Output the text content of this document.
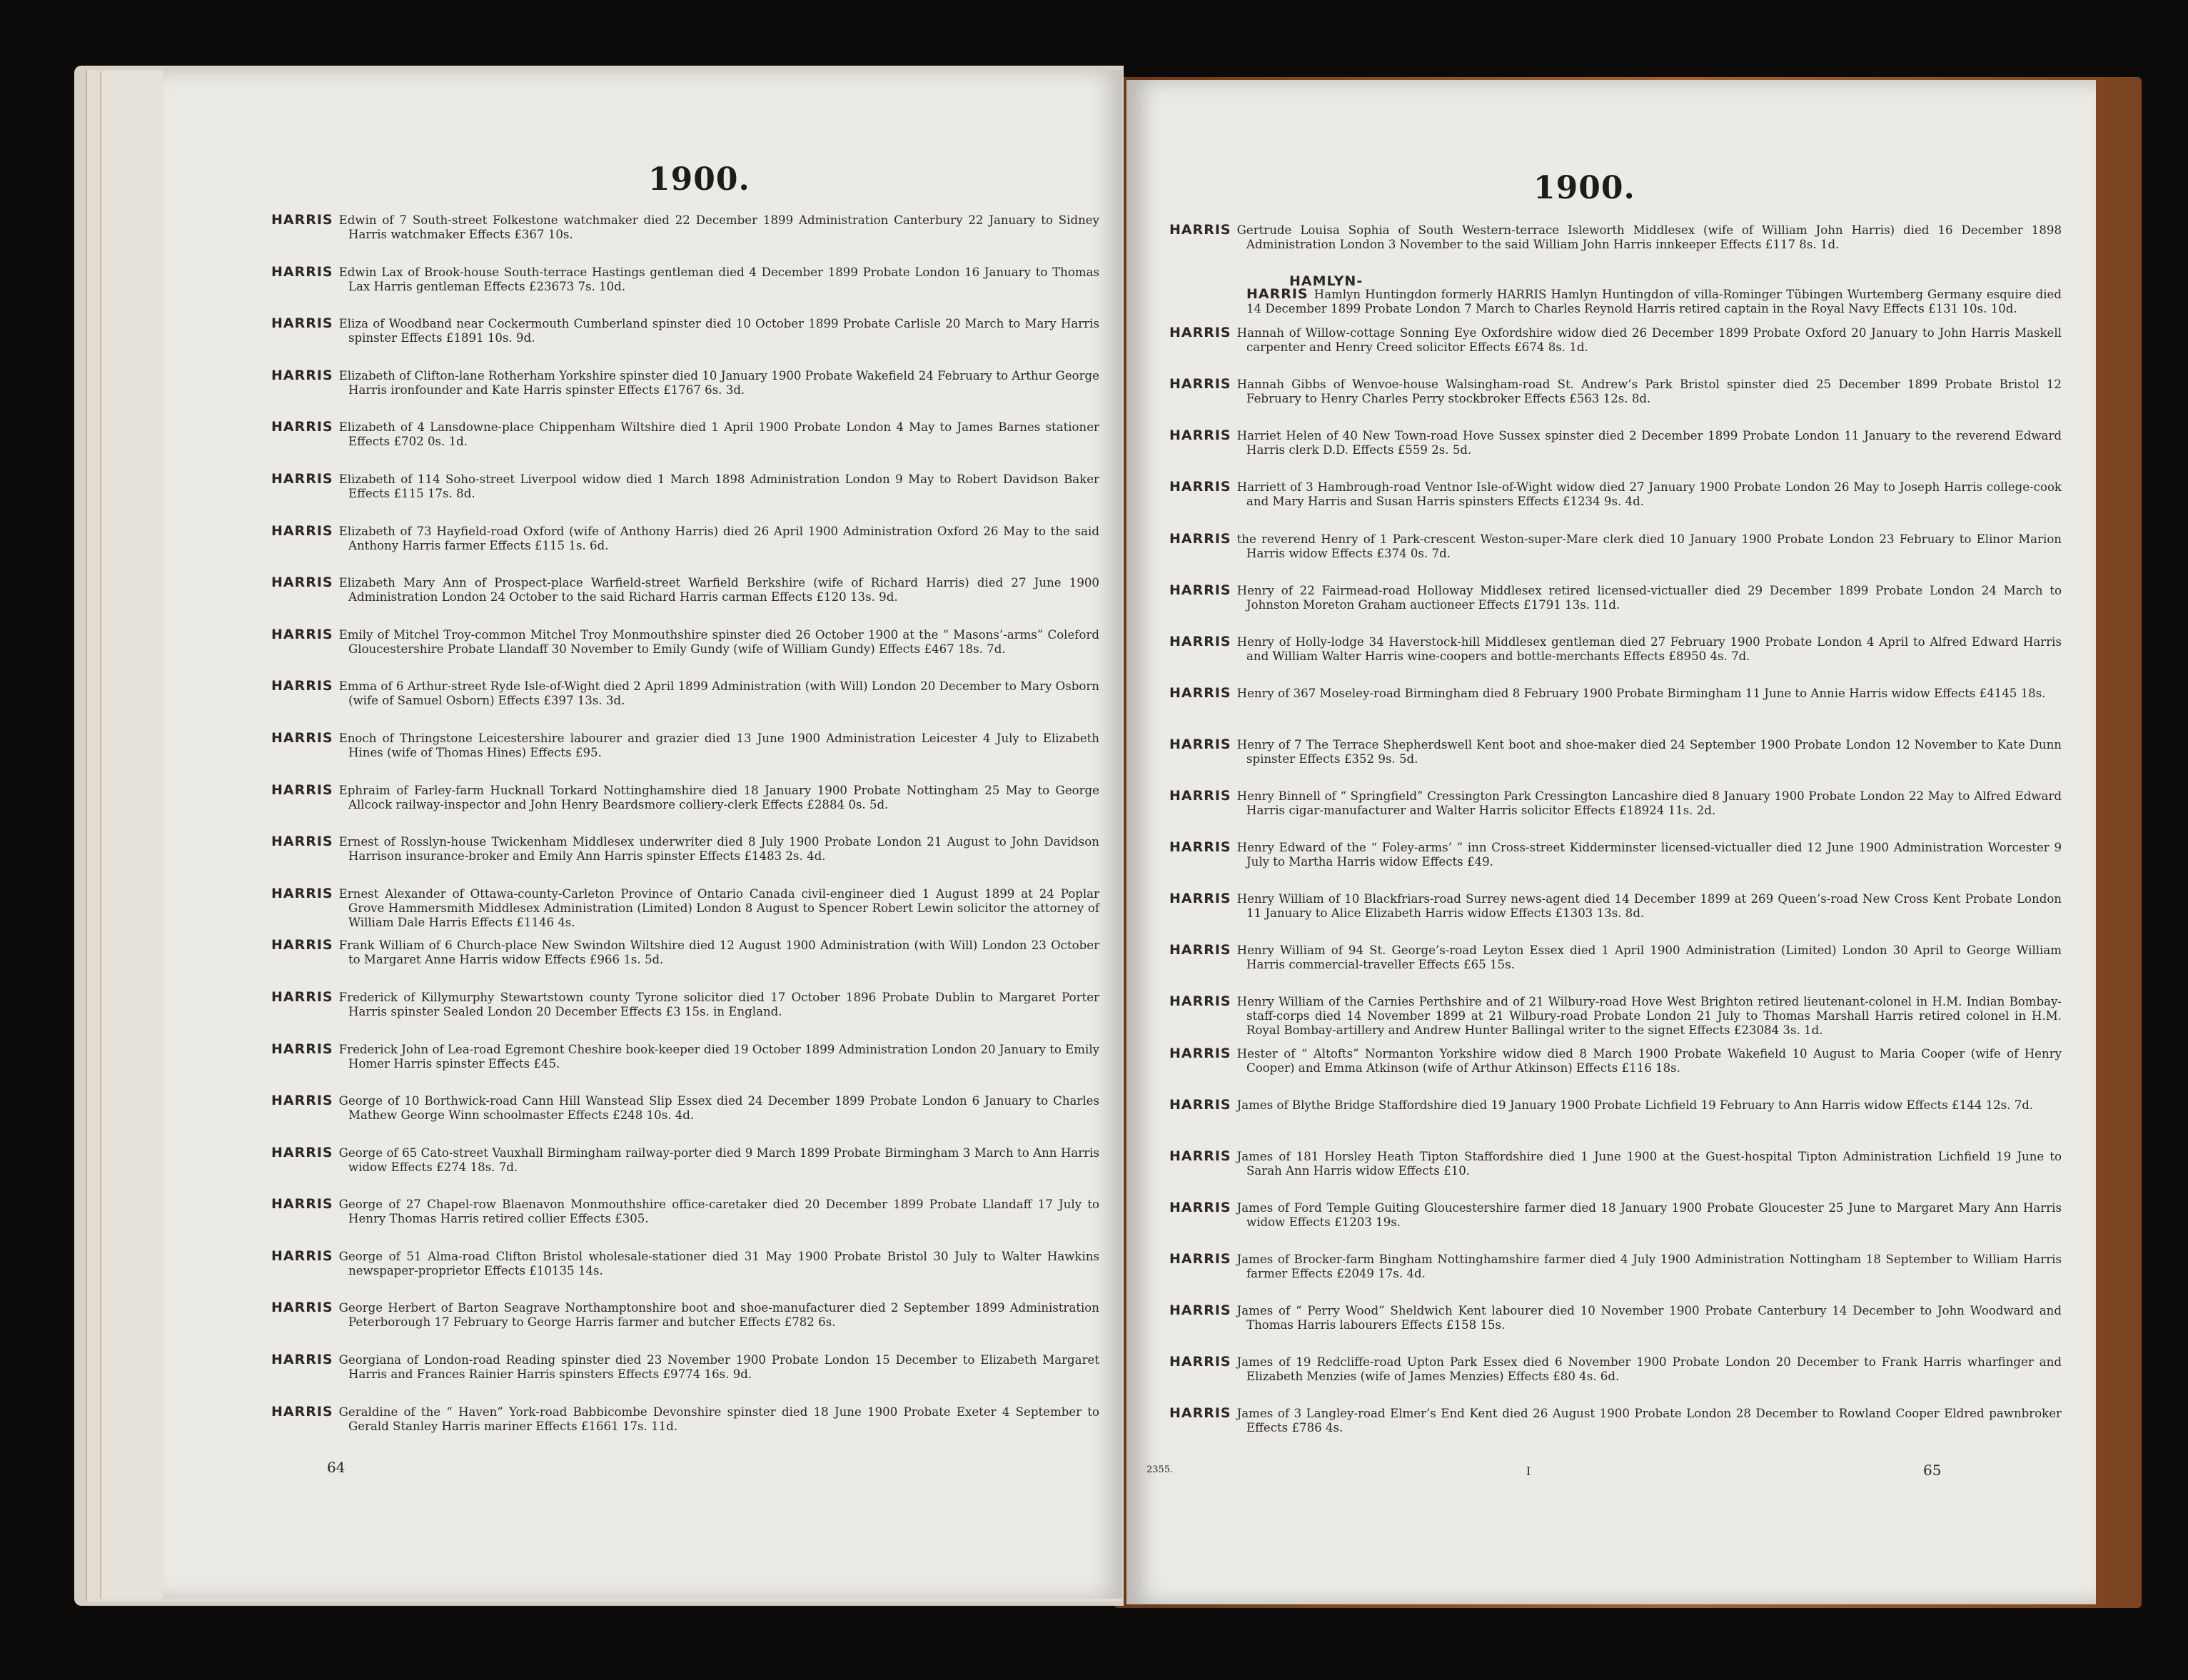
1900.
HARRIS Edwin of 7 South-street Folkestone watchmaker died 22 December 1899 Administration Canterbury 22 January to Sidney Harris watchmaker Effects £367 10s.
HARRIS Edwin Lax of Brook-house South-terrace Hastings gentleman died 4 December 1899 Probate London 16 January to Thomas Lax Harris gentleman Effects £23673 7s. 10d.
HARRIS Eliza of Woodband near Cockermouth Cumberland spinster died 10 October 1899 Probate Carlisle 20 March to Mary Harris spinster Effects £1891 10s. 9d.
HARRIS Elizabeth of Clifton-lane Rotherham Yorkshire spinster died 10 January 1900 Probate Wakefield 24 February to Arthur George Harris ironfounder and Kate Harris spinster Effects £1767 6s. 3d.
HARRIS Elizabeth of 4 Lansdowne-place Chippenham Wiltshire died 1 April 1900 Probate London 4 May to James Barnes stationer Effects £702 0s. 1d.
HARRIS Elizabeth of 114 Soho-street Liverpool widow died 1 March 1898 Administration London 9 May to Robert Davidson Baker Effects £115 17s. 8d.
HARRIS Elizabeth of 73 Hayfield-road Oxford (wife of Anthony Harris) died 26 April 1900 Administration Oxford 26 May to the said Anthony Harris farmer Effects £115 1s. 6d.
HARRIS Elizabeth Mary Ann of Prospect-place Warfield-street Warfield Berkshire (wife of Richard Harris) died 27 June 1900 Administration London 24 October to the said Richard Harris carman Effects £120 13s. 9d.
HARRIS Emily of Mitchel Troy-common Mitchel Troy Monmouthshire spinster died 26 October 1900 at the “ Masons’-arms” Coleford Gloucestershire Probate Llandaff 30 November to Emily Gundy (wife of William Gundy) Effects £467 18s. 7d.
HARRIS Emma of 6 Arthur-street Ryde Isle-of-Wight died 2 April 1899 Administration (with Will) London 20 December to Mary Osborn (wife of Samuel Osborn) Effects £397 13s. 3d.
HARRIS Enoch of Thringstone Leicestershire labourer and grazier died 13 June 1900 Administration Leicester 4 July to Elizabeth Hines (wife of Thomas Hines) Effects £95.
HARRIS Ephraim of Farley-farm Hucknall Torkard Nottinghamshire died 18 January 1900 Probate Nottingham 25 May to George Allcock railway-inspector and John Henry Beardsmore colliery-clerk Effects £2884 0s. 5d.
HARRIS Ernest of Rosslyn-house Twickenham Middlesex underwriter died 8 July 1900 Probate London 21 August to John Davidson Harrison insurance-broker and Emily Ann Harris spinster Effects £1483 2s. 4d.
HARRIS Ernest Alexander of Ottawa-county-Carleton Province of Ontario Canada civil-engineer died 1 August 1899 at 24 Poplar Grove Hammersmith Middlesex Administration (Limited) London 8 August to Spencer Robert Lewin solicitor the attorney of William Dale Harris Effects £1146 4s.
HARRIS Frank William of 6 Church-place New Swindon Wiltshire died 12 August 1900 Administration (with Will) London 23 October to Margaret Anne Harris widow Effects £966 1s. 5d.
HARRIS Frederick of Killymurphy Stewartstown county Tyrone solicitor died 17 October 1896 Probate Dublin to Margaret Porter Harris spinster Sealed London 20 December Effects £3 15s. in England.
HARRIS Frederick John of Lea-road Egremont Cheshire book-keeper died 19 October 1899 Administration London 20 January to Emily Homer Harris spinster Effects £45.
HARRIS George of 10 Borthwick-road Cann Hill Wanstead Slip Essex died 24 December 1899 Probate London 6 January to Charles Mathew George Winn schoolmaster Effects £248 10s. 4d.
HARRIS George of 65 Cato-street Vauxhall Birmingham railway-porter died 9 March 1899 Probate Birmingham 3 March to Ann Harris widow Effects £274 18s. 7d.
HARRIS George of 27 Chapel-row Blaenavon Monmouthshire office-caretaker died 20 December 1899 Probate Llandaff 17 July to Henry Thomas Harris retired collier Effects £305.
HARRIS George of 51 Alma-road Clifton Bristol wholesale-stationer died 31 May 1900 Probate Bristol 30 July to Walter Hawkins newspaper-proprietor Effects £10135 14s.
HARRIS George Herbert of Barton Seagrave Northamptonshire boot and shoe-manufacturer died 2 September 1899 Administration Peterborough 17 February to George Harris farmer and butcher Effects £782 6s.
HARRIS Georgiana of London-road Reading spinster died 23 November 1900 Probate London 15 December to Elizabeth Margaret Harris and Frances Rainier Harris spinsters Effects £9774 16s. 9d.
HARRIS Geraldine of the “ Haven” York-road Babbicombe Devonshire spinster died 18 June 1900 Probate Exeter 4 September to Gerald Stanley Harris mariner Effects £1661 17s. 11d.
64
1900.
HARRIS Gertrude Louisa Sophia of South Western-terrace Isleworth Middlesex (wife of William John Harris) died 16 December 1898 Administration London 3 November to the said William John Harris innkeeper Effects £117 8s. 1d.
HAMLYN-
HARRIS Hamlyn Huntingdon formerly HARRIS Hamlyn Huntingdon of villa-Rominger Tübingen Wurtemberg Germany esquire died 14 December 1899 Probate London 7 March to Charles Reynold Harris retired captain in the Royal Navy Effects £131 10s. 10d.
HARRIS Hannah of Willow-cottage Sonning Eye Oxfordshire widow died 26 December 1899 Probate Oxford 20 January to John Harris Maskell carpenter and Henry Creed solicitor Effects £674 8s. 1d.
HARRIS Hannah Gibbs of Wenvoe-house Walsingham-road St. Andrew’s Park Bristol spinster died 25 December 1899 Probate Bristol 12 February to Henry Charles Perry stockbroker Effects £563 12s. 8d.
HARRIS Harriet Helen of 40 New Town-road Hove Sussex spinster died 2 December 1899 Probate London 11 January to the reverend Edward Harris clerk D.D. Effects £559 2s. 5d.
HARRIS Harriett of 3 Hambrough-road Ventnor Isle-of-Wight widow died 27 January 1900 Probate London 26 May to Joseph Harris college-cook and Mary Harris and Susan Harris spinsters Effects £1234 9s. 4d.
HARRIS the reverend Henry of 1 Park-crescent Weston-super-Mare clerk died 10 January 1900 Probate London 23 February to Elinor Marion Harris widow Effects £374 0s. 7d.
HARRIS Henry of 22 Fairmead-road Holloway Middlesex retired licensed-victualler died 29 December 1899 Probate London 24 March to Johnston Moreton Graham auctioneer Effects £1791 13s. 11d.
HARRIS Henry of Holly-lodge 34 Haverstock-hill Middlesex gentleman died 27 February 1900 Probate London 4 April to Alfred Edward Harris and William Walter Harris wine-coopers and bottle-merchants Effects £8950 4s. 7d.
HARRIS Henry of 367 Moseley-road Birmingham died 8 February 1900 Probate Birmingham 11 June to Annie Harris widow Effects £4145 18s.
HARRIS Henry of 7 The Terrace Shepherdswell Kent boot and shoe-maker died 24 September 1900 Probate London 12 November to Kate Dunn spinster Effects £352 9s. 5d.
HARRIS Henry Binnell of “ Springfield” Cressington Park Cressington Lancashire died 8 January 1900 Probate London 22 May to Alfred Edward Harris cigar-manufacturer and Walter Harris solicitor Effects £18924 11s. 2d.
HARRIS Henry Edward of the “ Foley-arms’ ” inn Cross-street Kidderminster licensed-victualler died 12 June 1900 Administration Worcester 9 July to Martha Harris widow Effects £49.
HARRIS Henry William of 10 Blackfriars-road Surrey news-agent died 14 December 1899 at 269 Queen’s-road New Cross Kent Probate London 11 January to Alice Elizabeth Harris widow Effects £1303 13s. 8d.
HARRIS Henry William of 94 St. George’s-road Leyton Essex died 1 April 1900 Administration (Limited) London 30 April to George William Harris commercial-traveller Effects £65 15s.
HARRIS Henry William of the Carnies Perthshire and of 21 Wilbury-road Hove West Brighton retired lieutenant-colonel in H.M. Indian Bombay-staff-corps died 14 November 1899 at 21 Wilbury-road Probate London 21 July to Thomas Marshall Harris retired colonel in H.M. Royal Bombay-artillery and Andrew Hunter Ballingal writer to the signet Effects £23084 3s. 1d.
HARRIS Hester of “ Altofts” Normanton Yorkshire widow died 8 March 1900 Probate Wakefield 10 August to Maria Cooper (wife of Henry Cooper) and Emma Atkinson (wife of Arthur Atkinson) Effects £116 18s.
HARRIS James of Blythe Bridge Staffordshire died 19 January 1900 Probate Lichfield 19 February to Ann Harris widow Effects £144 12s. 7d.
HARRIS James of 181 Horsley Heath Tipton Staffordshire died 1 June 1900 at the Guest-hospital Tipton Administration Lichfield 19 June to Sarah Ann Harris widow Effects £10.
HARRIS James of Ford Temple Guiting Gloucestershire farmer died 18 January 1900 Probate Gloucester 25 June to Margaret Mary Ann Harris widow Effects £1203 19s.
HARRIS James of Brocker-farm Bingham Nottinghamshire farmer died 4 July 1900 Administration Nottingham 18 September to William Harris farmer Effects £2049 17s. 4d.
HARRIS James of “ Perry Wood” Sheldwich Kent labourer died 10 November 1900 Probate Canterbury 14 December to John Woodward and Thomas Harris labourers Effects £158 15s.
HARRIS James of 19 Redcliffe-road Upton Park Essex died 6 November 1900 Probate London 20 December to Frank Harris wharfinger and Elizabeth Menzies (wife of James Menzies) Effects £80 4s. 6d.
HARRIS James of 3 Langley-road Elmer’s End Kent died 26 August 1900 Probate London 28 December to Rowland Cooper Eldred pawnbroker Effects £786 4s.
2355.	I	65
